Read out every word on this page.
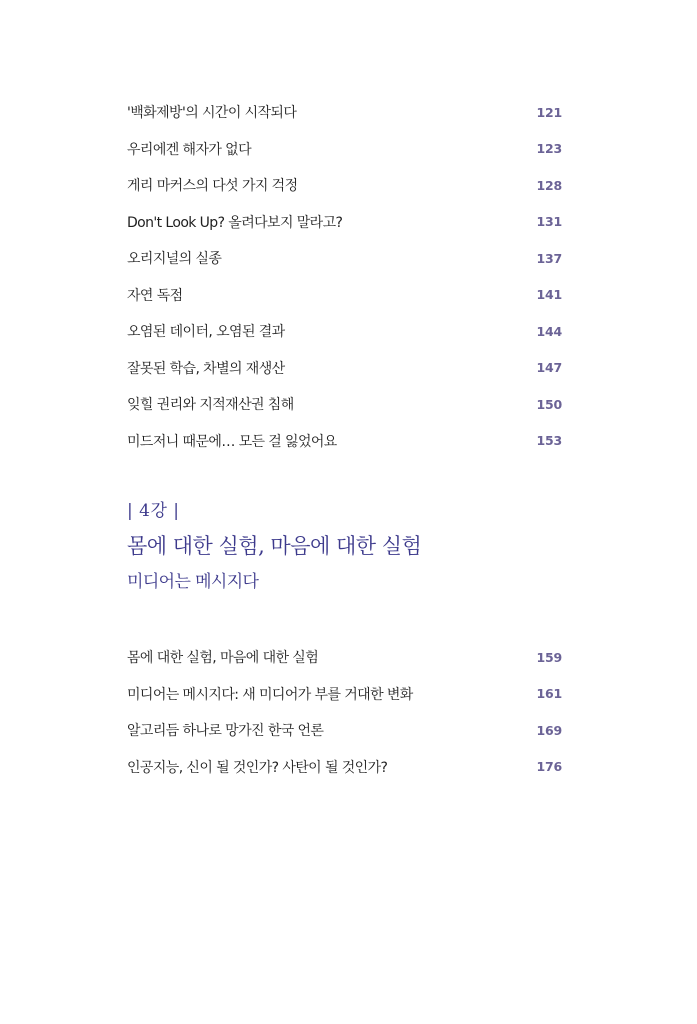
'백화제방'의 시간이 시작되다	121
우리에겐 해자가 없다	123
게리 마커스의 다섯 가지 걱정	128
Don't Look Up? 올려다보지 말라고?	131
오리지널의 실종	137
자연 독점	141
오염된 데이터, 오염된 결과	144
잘못된 학습, 차별의 재생산	147
잊힐 권리와 지적재산권 침해	150
미드저니 때문에… 모든 걸 잃었어요	153
| 4강 |
몸에 대한 실험, 마음에 대한 실험
미디어는 메시지다
몸에 대한 실험, 마음에 대한 실험	159
미디어는 메시지다: 새 미디어가 부를 거대한 변화	161
알고리듬 하나로 망가진 한국 언론	169
인공지능, 신이 될 것인가? 사탄이 될 것인가?	176
